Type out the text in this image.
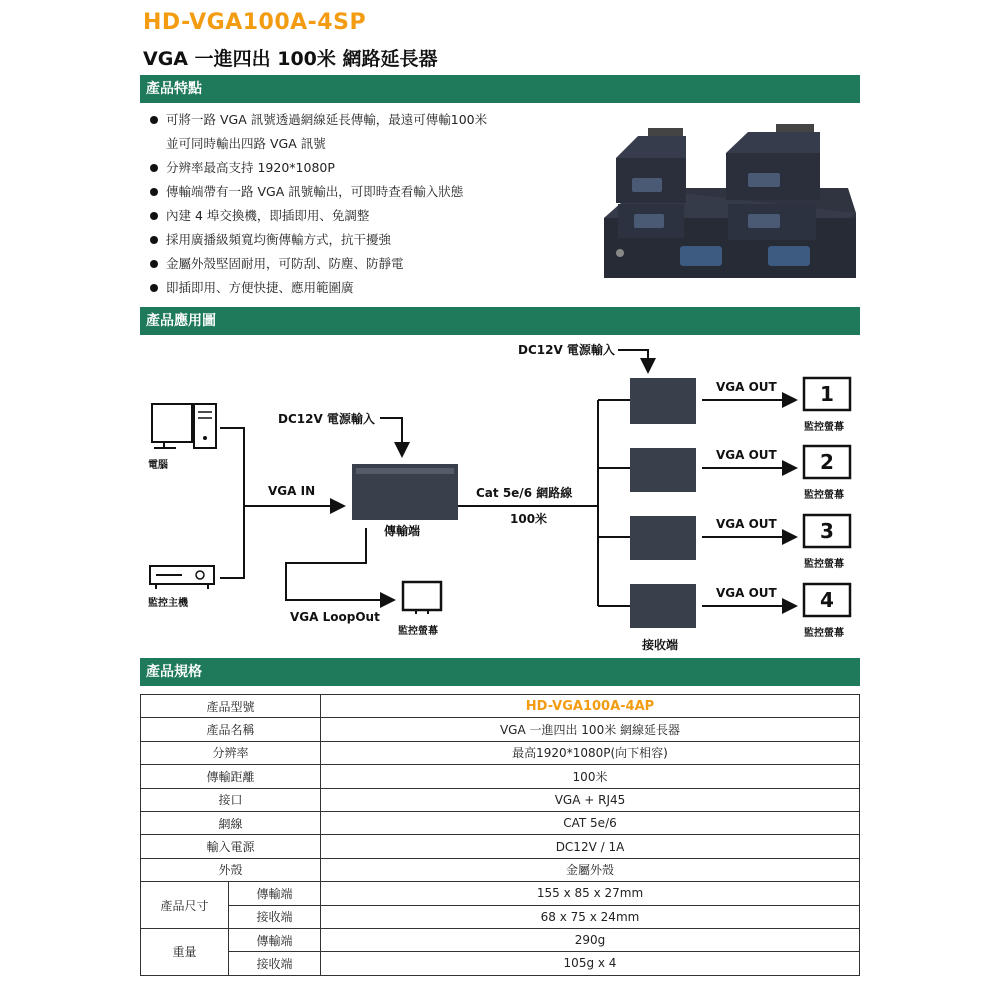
HD-VGA100A-4SP
VGA 一進四出 100米 網路延長器
產品特點
可將一路 VGA 訊號透過網線延長傳輸，最遠可傳輸100米
並可同時輸出四路 VGA 訊號
分辨率最高支持 1920*1080P
傳輸端帶有一路 VGA 訊號輸出，可即時查看輸入狀態
內建 4 埠交換機，即插即用、免調整
採用廣播級頻寬均衡傳輸方式，抗干擾強
金屬外殼堅固耐用，可防刮、防塵、防靜電
即插即用、方便快捷、應用範圍廣
產品應用圖
電腦
監控主機
DC12V 電源輸入
DC12V 電源輸入
VGA IN	Cat 5e/6 網路線
100米
傳輸端
VGA LoopOut
監控螢幕
接收端
VGA OUT
VGA OUT
VGA OUT
VGA OUT
1
2
3
4
監控螢幕
監控螢幕
監控螢幕
監控螢幕
產品規格
產品型號		HD-VGA100A-4AP
產品名稱		VGA 一進四出 100米 網線延長器
分辨率		最高1920*1080P(向下相容)
傳輸距離		100米
接口		VGA + RJ45
網線		CAT 5e/6
輸入電源		DC12V / 1A
外殼		金屬外殼
產品尺寸	傳輸端	155 x 85 x 27mm
	接收端	68 x 75 x 24mm
重量	傳輸端	290g
	接收端	105g x 4
